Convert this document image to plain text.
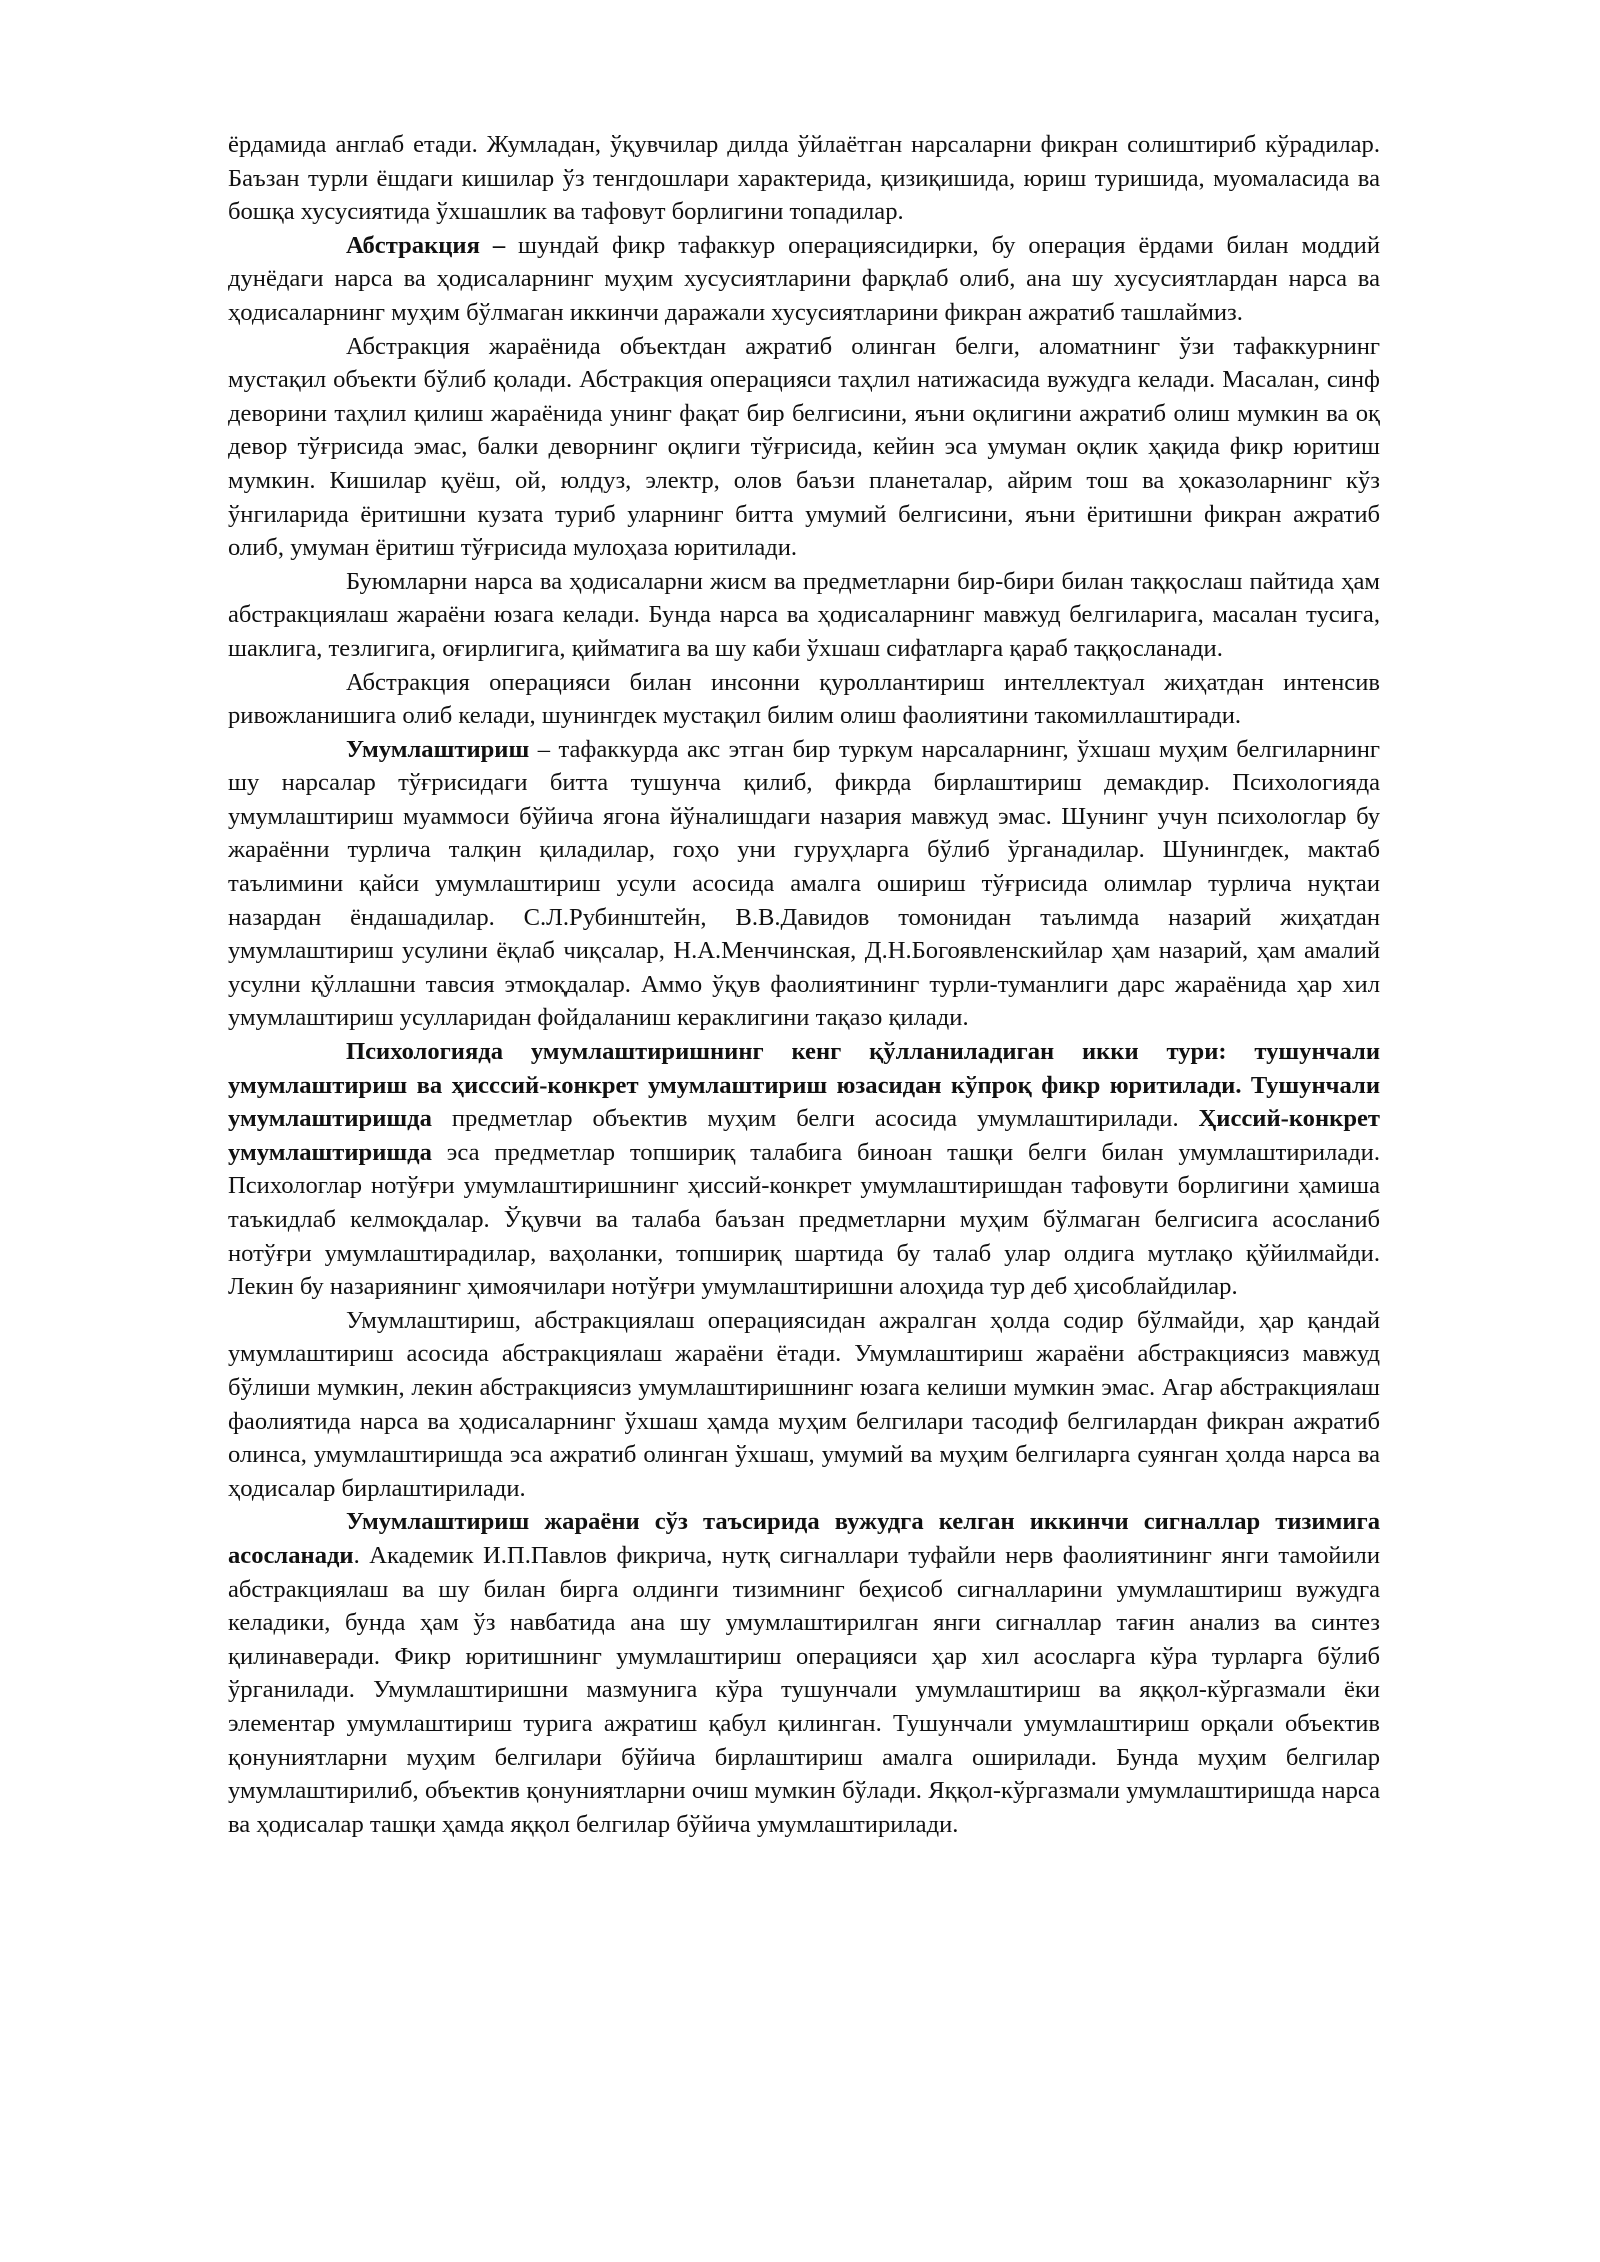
ёрдамида англаб етади. Жумладан, ўқувчилар дилда ўйлаётган нарсаларни фикран солиштириб кўрадилар. Баъзан турли ёшдаги кишилар ўз тенгдошлари характерида, қизиқишида, юриш туришида, муомаласида ва бошқа хусусиятида ўхшашлик ва тафовут борлигини топадилар.

Абстракция – шундай фикр тафаккур операциясидирки, бу операция ёрдами билан моддий дунёдаги нарса ва ҳодисаларнинг муҳим хусусиятларини фарқлаб олиб, ана шу хусусиятлардан нарса ва ҳодисаларнинг муҳим бўлмаган иккинчи даражали хусусиятларини фикран ажратиб ташлаймиз.

Абстракция жараёнида объектдан ажратиб олинган белги, аломатнинг ўзи тафаккурнинг мустақил объекти бўлиб қолади. Абстракция операцияси таҳлил натижасида вужудга келади. Масалан, синф деворини таҳлил қилиш жараёнида унинг фақат бир белгисини, яъни оқлигини ажратиб олиш мумкин ва оқ девор тўғрисида эмас, балки деворнинг оқлиги тўғрисида, кейин эса умуман оқлик ҳақида фикр юритиш мумкин. Кишилар қуёш, ой, юлдуз, электр, олов баъзи планеталар, айрим тош ва ҳоказоларнинг кўз ўнгиларида ёритишни кузата туриб уларнинг битта умумий белгисини, яъни ёритишни фикран ажратиб олиб, умуман ёритиш тўғрисида мулоҳаза юритилади.

Буюмларни нарса ва ҳодисаларни жисм ва предметларни бир-бири билан таққослаш пайтида ҳам абстракциялаш жараёни юзага келади. Бунда нарса ва ҳодисаларнинг мавжуд белгиларига, масалан тусига, шаклига, тезлигига, оғирлигига, қийматига ва шу каби ўхшаш сифатларга қараб таққосланади.

Абстракция операцияси билан инсонни қуроллантириш интеллектуал жиҳатдан интенсив ривожланишига олиб келади, шунингдек мустақил билим олиш фаолиятини такомиллаштиради.

Умумлаштириш – тафаккурда акс этган бир туркум нарсаларнинг, ўхшаш муҳим белгиларнинг шу нарсалар тўғрисидаги битта тушунча қилиб, фикрда бирлаштириш демакдир. Психологияда умумлаштириш муаммоси бўйича ягона йўналишдаги назария мавжуд эмас. Шунинг учун психологлар бу жараённи турлича талқин қиладилар, гоҳо уни гуруҳларга бўлиб ўрганадилар. Шунингдек, мактаб таълимини қайси умумлаштириш усули асосида амалга ошириш тўғрисида олимлар турлича нуқтаи назардан ёндашадилар. С.Л.Рубинштейн, В.В.Давидов томонидан таълимда назарий жиҳатдан умумлаштириш усулини ёқлаб чиқсалар, Н.А.Менчинская, Д.Н.Богоявленскийлар ҳам назарий, ҳам амалий усулни қўллашни тавсия этмоқдалар. Аммо ўқув фаолиятининг турли-туманлиги дарс жараёнида ҳар хил умумлаштириш усулларидан фойдаланиш кераклигини тақазо қилади.

Психологияда умумлаштиришнинг кенг қўлланиладиган икки тури: тушунчали умумлаштириш ва ҳисссий-конкрет умумлаштириш юзасидан кўпроқ фикр юритилади. Тушунчали умумлаштиришда предметлар объектив муҳим белги асосида умумлаштирилади. Ҳиссий-конкрет умумлаштиришда эса предметлар топшириқ талабига биноан ташқи белги билан умумлаштирилади. Психологлар нотўғри умумлаштиришнинг ҳиссий-конкрет умумлаштиришдан тафовути борлигини ҳамиша таъкидлаб келмоқдалар. Ўқувчи ва талаба баъзан предметларни муҳим бўлмаган белгисига асосланиб нотўғри умумлаштирадилар, ваҳоланки, топшириқ шартида бу талаб улар олдига мутлақо қўйилмайди. Лекин бу назариянинг ҳимоячилари нотўғри умумлаштиришни алоҳида тур деб ҳисоблайдилар.

Умумлаштириш, абстракциялаш операциясидан ажралган ҳолда содир бўлмайди, ҳар қандай умумлаштириш асосида абстракциялаш жараёни ётади. Умумлаштириш жараёни абстракциясиз мавжуд бўлиши мумкин, лекин абстракциясиз умумлаштиришнинг юзага келиши мумкин эмас. Агар абстракциялаш фаолиятида нарса ва ҳодисаларнинг ўхшаш ҳамда муҳим белгилари тасодиф белгилардан фикран ажратиб олинса, умумлаштиришда эса ажратиб олинган ўхшаш, умумий ва муҳим белгиларга суянган ҳолда нарса ва ҳодисалар бирлаштирилади.

Умумлаштириш жараёни сўз таъсирида вужудга келган иккинчи сигналлар тизимига асосланади. Академик И.П.Павлов фикрича, нутқ сигналлари туфайли нерв фаолиятининг янги тамойили абстракциялаш ва шу билан бирга олдинги тизимнинг беҳисоб сигналларини умумлаштириш вужудга келадики, бунда ҳам ўз навбатида ана шу умумлаштирилган янги сигналлар тағин анализ ва синтез қилинаверади. Фикр юритишнинг умумлаштириш операцияси ҳар хил асосларга кўра турларга бўлиб ўрганилади. Умумлаштиришни мазмунига кўра тушунчали умумлаштириш ва яққол-кўргазмали ёки элементар умумлаштириш турига ажратиш қабул қилинган. Тушунчали умумлаштириш орқали объектив қонуниятларни муҳим белгилари бўйича бирлаштириш амалга оширилади. Бунда муҳим белгилар умумлаштирилиб, объектив қонуниятларни очиш мумкин бўлади. Яққол-кўргазмали умумлаштиришда нарса ва ҳодисалар ташқи ҳамда яққол белгилар бўйича умумлаштирилади.
